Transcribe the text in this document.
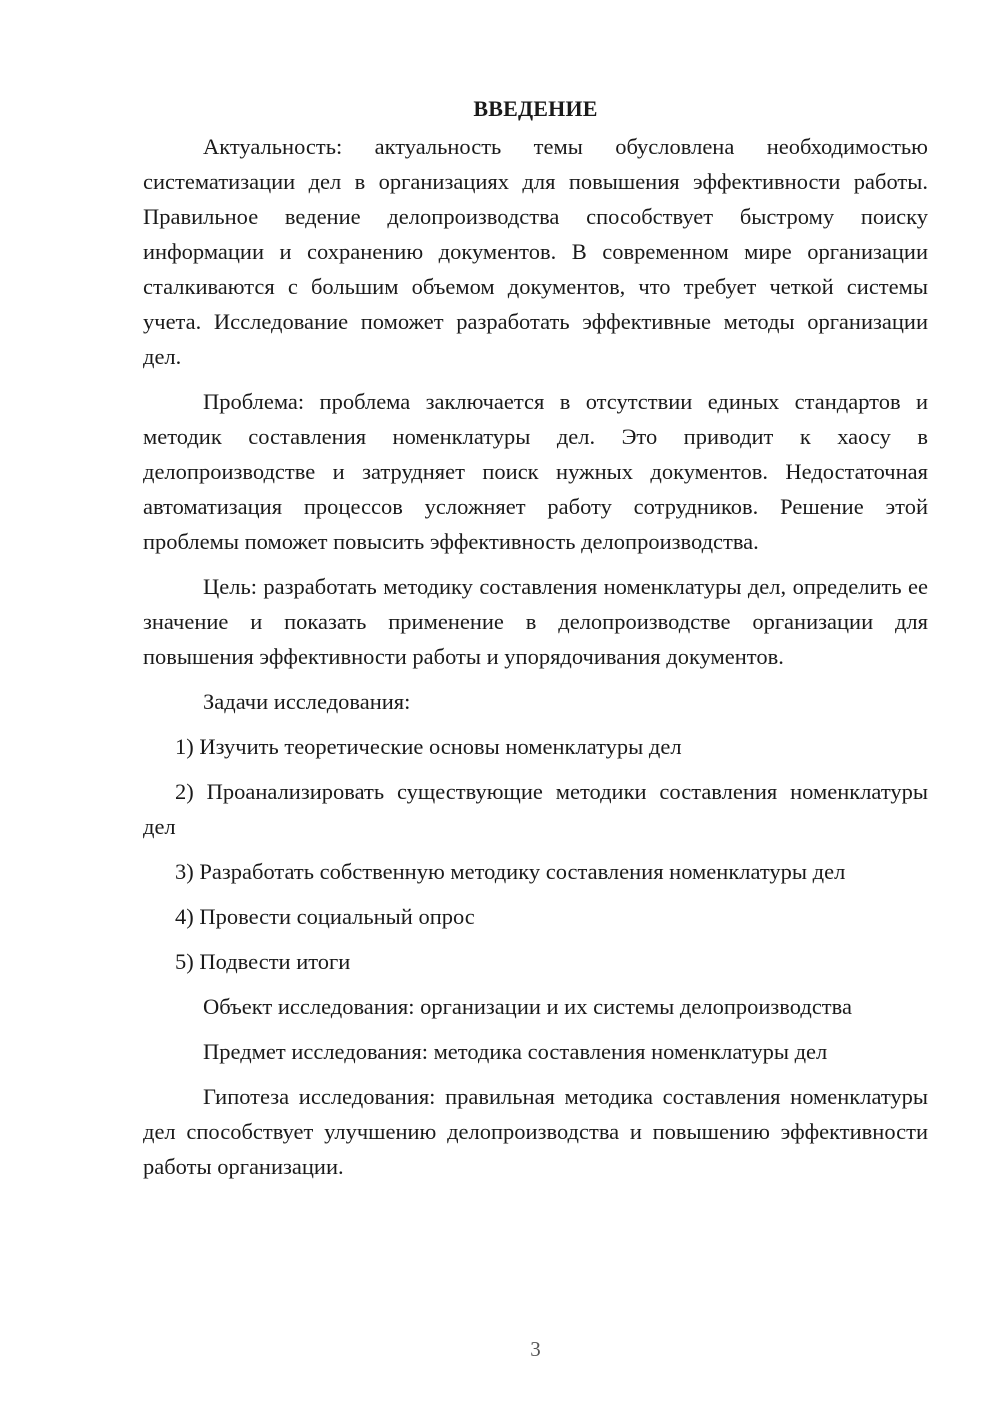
ВВЕДЕНИЕ

Актуальность: актуальность темы обусловлена необходимостью систематизации дел в организациях для повышения эффективности работы. Правильное ведение делопроизводства способствует быстрому поиску информации и сохранению документов. В современном мире организации сталкиваются с большим объемом документов, что требует четкой системы учета. Исследование поможет разработать эффективные методы организации дел.

Проблема: проблема заключается в отсутствии единых стандартов и методик составления номенклатуры дел. Это приводит к хаосу в делопроизводстве и затрудняет поиск нужных документов. Недостаточная автоматизация процессов усложняет работу сотрудников. Решение этой проблемы поможет повысить эффективность делопроизводства.

Цель: разработать методику составления номенклатуры дел, определить ее значение и показать применение в делопроизводстве организации для повышения эффективности работы и упорядочивания документов.

Задачи исследования:

1) Изучить теоретические основы номенклатуры дел

2) Проанализировать существующие методики составления номенклатуры дел

3) Разработать собственную методику составления номенклатуры дел

4) Провести социальный опрос

5) Подвести итоги

Объект исследования: организации и их системы делопроизводства

Предмет исследования: методика составления номенклатуры дел

Гипотеза исследования: правильная методика составления номенклатуры дел способствует улучшению делопроизводства и повышению эффективности работы организации.

3
